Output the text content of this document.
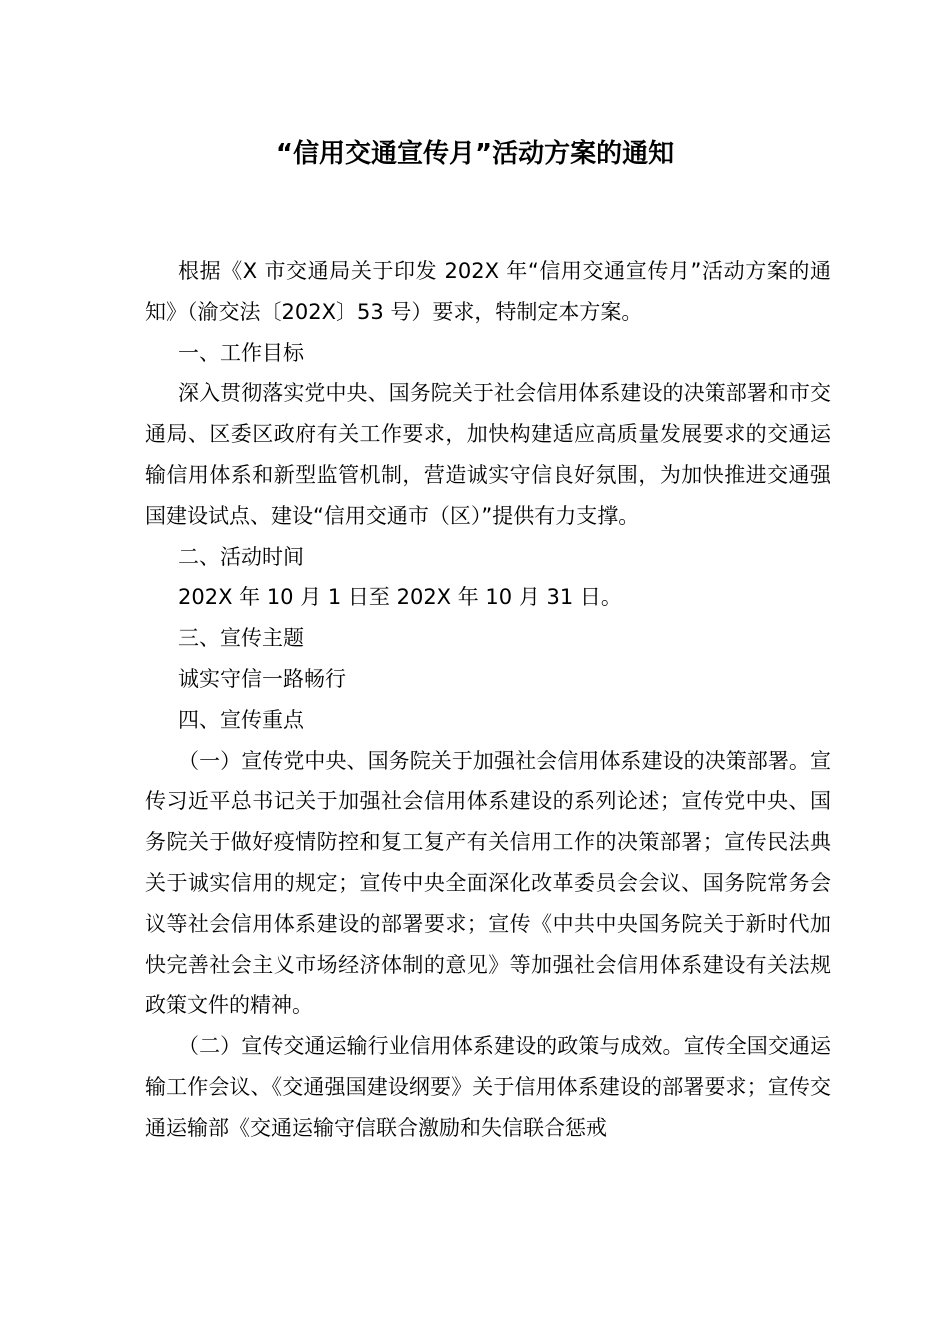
“信用交通宣传月”活动方案的通知

根据《X 市交通局关于印发 202X 年“信用交通宣传月”活动方案的通知》（渝交法〔202X〕53 号）要求，特制定本方案。

一、工作目标

深入贯彻落实党中央、国务院关于社会信用体系建设的决策部署和市交通局、区委区政府有关工作要求，加快构建适应高质量发展要求的交通运输信用体系和新型监管机制，营造诚实守信良好氛围，为加快推进交通强国建设试点、建设“信用交通市（区）”提供有力支撑。

二、活动时间

202X 年 10 月 1 日至 202X 年 10 月 31 日。

三、宣传主题

诚实守信一路畅行

四、宣传重点

（一）宣传党中央、国务院关于加强社会信用体系建设的决策部署。宣传习近平总书记关于加强社会信用体系建设的系列论述；宣传党中央、国务院关于做好疫情防控和复工复产有关信用工作的决策部署；宣传民法典关于诚实信用的规定；宣传中央全面深化改革委员会会议、国务院常务会议等社会信用体系建设的部署要求；宣传《中共中央国务院关于新时代加快完善社会主义市场经济体制的意见》等加强社会信用体系建设有关法规政策文件的精神。

（二）宣传交通运输行业信用体系建设的政策与成效。宣传全国交通运输工作会议、《交通强国建设纲要》关于信用体系建设的部署要求；宣传交通运输部《交通运输守信联合激励和失信联合惩戒
